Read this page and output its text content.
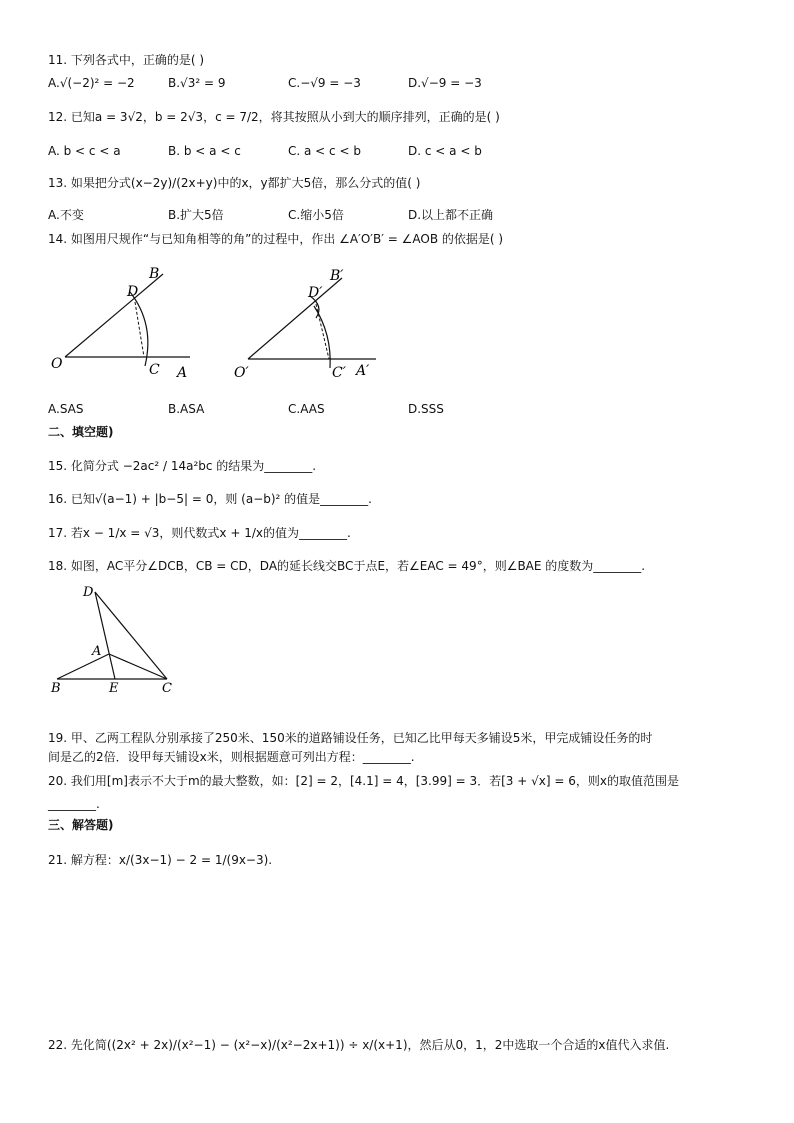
11. 下列各式中，正确的是( )
A.√(−2)² = −2	B.√3² = 9	C.−√9 = −3	D.√−9 = −3
12. 已知a = 3√2，b = 2√3，c = 7/2，将其按照从小到大的顺序排列，正确的是( )
A. b < c < a	B. b < a < c	C. a < c < b	D. c < a < b
13. 如果把分式(x−2y)/(2x+y)中的x，y都扩大5倍，那么分式的值( )
A.不变	B.扩大5倍	C.缩小5倍	D.以上都不正确
14. 如图用尺规作“与已知角相等的角”的过程中，作出 ∠A′O′B′ = ∠AOB 的依据是( )
B
D
O	C A
B′
D′
O′	C′ A′
A.SAS	B.ASA	C.AAS	D.SSS
二、填空题)
15. 化简分式 −2ac² / 14a²bc 的结果为________.
16. 已知√(a−1) + |b−5| = 0，则 (a−b)² 的值是________.
17. 若x − 1/x = √3，则代数式x + 1/x的值为________.
18. 如图，AC平分∠DCB，CB = CD，DA的延长线交BC于点E，若∠EAC = 49°，则∠BAE 的度数为________.
D
A
B	E	C
19. 甲、乙两工程队分别承接了250米、150米的道路铺设任务，已知乙比甲每天多铺设5米，甲完成铺设任务的时
间是乙的2倍．设甲每天铺设x米，则根据题意可列出方程：________.
20. 我们用[m]表示不大于m的最大整数，如：[2] = 2，[4.1] = 4，[3.99] = 3．若[3 + √x] = 6，则x的取值范围是
________.
三、解答题)
21. 解方程：x/(3x−1) − 2 = 1/(9x−3).
22. 先化简((2x² + 2x)/(x²−1) − (x²−x)/(x²−2x+1)) ÷ x/(x+1)，然后从0，1，2中选取一个合适的x值代入求值.
